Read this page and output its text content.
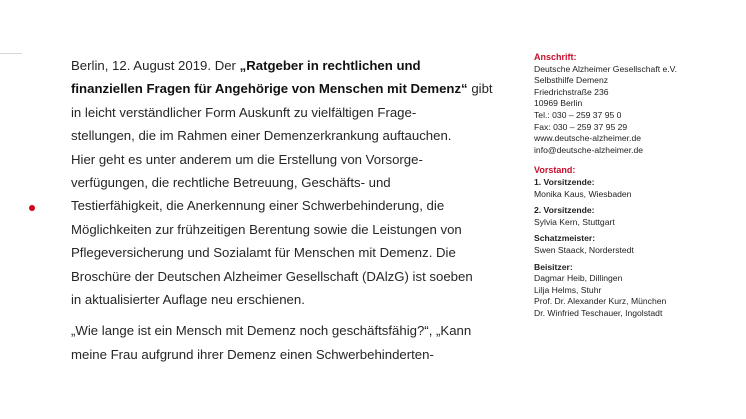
Berlin, 12. August 2019. Der „Ratgeber in rechtlichen und
finanziellen Fragen für Angehörige von Menschen mit Demenz“ gibt
in leicht verständlicher Form Auskunft zu vielfältigen Frage-
stellungen, die im Rahmen einer Demenzerkrankung auftauchen.
Hier geht es unter anderem um die Erstellung von Vorsorge-
verfügungen, die rechtliche Betreuung, Geschäfts- und
Testierfähigkeit, die Anerkennung einer Schwerbehinderung, die
Möglichkeiten zur frühzeitigen Berentung sowie die Leistungen von
Pflegeversicherung und Sozialamt für Menschen mit Demenz. Die
Broschüre der Deutschen Alzheimer Gesellschaft (DAlzG) ist soeben
in aktualisierter Auflage neu erschienen.

„Wie lange ist ein Mensch mit Demenz noch geschäftsfähig?“, „Kann
meine Frau aufgrund ihrer Demenz einen Schwerbehinderten-

Anschrift:
Deutsche Alzheimer Gesellschaft e.V.
Selbsthilfe Demenz
Friedrichstraße 236
10969 Berlin
Tel.: 030 – 259 37 95 0
Fax: 030 – 259 37 95 29
www.deutsche-alzheimer.de
info@deutsche-alzheimer.de
Vorstand:
1. Vorsitzende:
Monika Kaus, Wiesbaden
2. Vorsitzende:
Sylvia Kern, Stuttgart
Schatzmeister:
Swen Staack, Norderstedt
Beisitzer:
Dagmar Heib, Dillingen
Lilja Helms, Stuhr
Prof. Dr. Alexander Kurz, München
Dr. Winfried Teschauer, Ingolstadt
